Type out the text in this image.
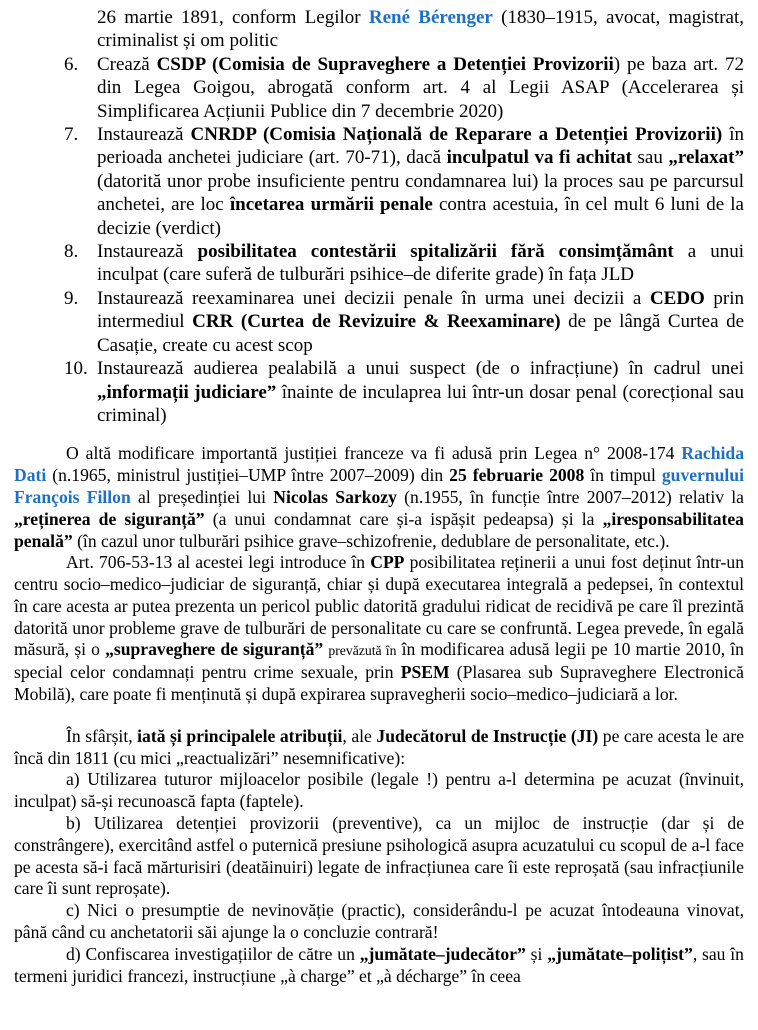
26 martie 1891, conform Legilor René Bérenger (1830–1915, avocat, magistrat, criminalist și om politic
6. Crează CSDP (Comisia de Supraveghere a Detenției Provizorii) pe baza art. 72 din Legea Goigou, abrogată conform art. 4 al Legii ASAP (Accelerarea și Simplificarea Acțiunii Publice din 7 decembrie 2020)
7. Instaurează CNRDP (Comisia Națională de Reparare a Detenției Provizorii) în perioada anchetei judiciare (art. 70-71), dacă inculpatul va fi achitat sau „relaxat” (datorită unor probe insuficiente pentru condamnarea lui) la proces sau pe parcursul anchetei, are loc încetarea urmării penale contra acestuia, în cel mult 6 luni de la decizie (verdict)
8. Instaurează posibilitatea contestării spitalizării fără consimțământ a unui inculpat (care suferă de tulburări psihice–de diferite grade) în fața JLD
9. Instaurează reexaminarea unei decizii penale în urma unei decizii a CEDO prin intermediul CRR (Curtea de Revizuire & Reexaminare) de pe lângă Curtea de Casație, create cu acest scop
10. Instaurează audierea pealabilă a unui suspect (de o infracțiune) în cadrul unei „informații judiciare” înainte de inculaprea lui într-un dosar penal (corecțional sau criminal)

O altă modificare importantă justiției franceze va fi adusă prin Legea n° 2008-174 Rachida Dati (n.1965, ministrul justiției–UMP între 2007–2009) din 25 februarie 2008 în timpul guvernului François Fillon al președinției lui Nicolas Sarkozy (n.1955, în funcție între 2007–2012) relativ la „reținerea de siguranță” (a unui condamnat care și-a ispășit pedeapsa) și la „iresponsabilitatea penală” (în cazul unor tulburări psihice grave–schizofrenie, dedublare de personalitate, etc.).

Art. 706-53-13 al acestei legi introduce în CPP posibilitatea reținerii a unui fost deținut într-un centru socio–medico–judiciar de siguranță, chiar și după executarea integrală a pedepsei, în contextul în care acesta ar putea prezenta un pericol public datorită gradului ridicat de recidivă pe care îl prezintă datorită unor probleme grave de tulburări de personalitate cu care se confruntă. Legea prevede, în egală măsură, și o „supraveghere de siguranță” prevăzută în în modificarea adusă legii pe 10 martie 2010, în special celor condamnați pentru crime sexuale, prin PSEM (Plasarea sub Supraveghere Electronică Mobilă), care poate fi menținută și după expirarea supravegherii socio–medico–judiciară a lor.

În sfârșit, iată și principalele atribuții, ale Judecătorul de Instrucție (JI) pe care acesta le are încă din 1811 (cu mici „reactualizări” nesemnificative):

a) Utilizarea tuturor mijloacelor posibile (legale !) pentru a-l determina pe acuzat (învinuit, inculpat) să-și recunoască fapta (faptele).

b) Utilizarea detenției provizorii (preventive), ca un mijloc de instrucție (dar și de constrângere), exercitând astfel o puternică presiune psihologică asupra acuzatului cu scopul de a-l face pe acesta să-i facă mărturisiri (deatăinuiri) legate de infracțiunea care îi este reproșată (sau infracțiunile care îi sunt reproșate).

c) Nici o presumptie de nevinovăție (practic), considerându-l pe acuzat întodeauna vinovat, până când cu anchetatorii săi ajunge la o concluzie contrară!

d) Confiscarea investigațiilor de către un „jumătate–judecător” și „jumătate–polițist”, sau în termeni juridici francezi, instrucțiune „à charge” et „à décharge” în ceea
